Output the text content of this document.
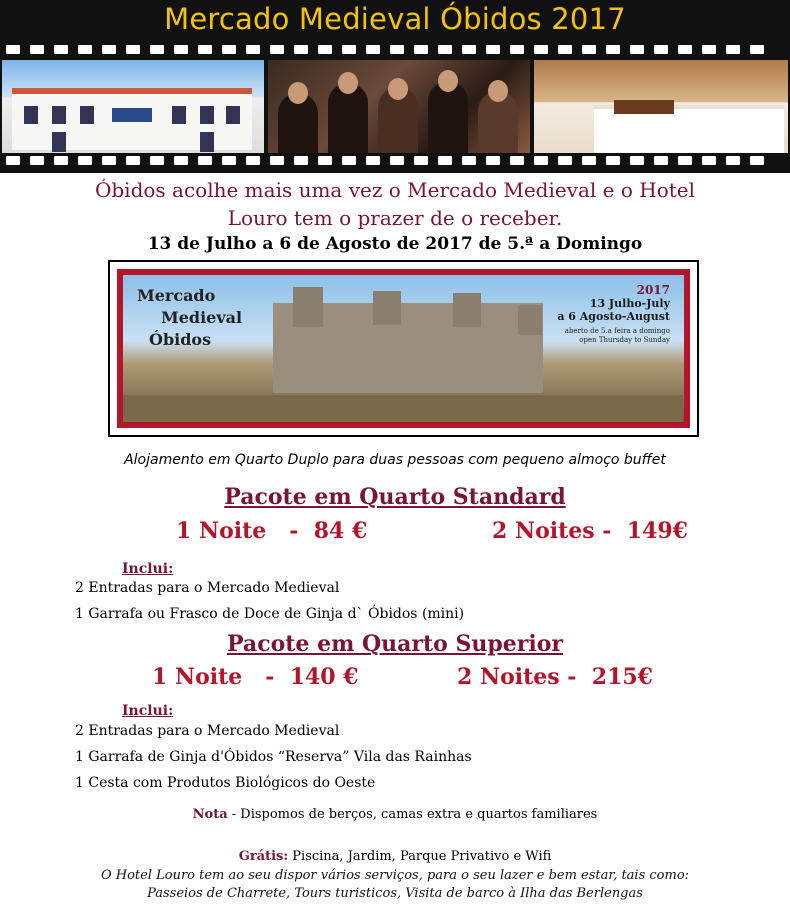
Mercado Medieval Óbidos 2017
Óbidos acolhe mais uma vez o Mercado Medieval e o Hotel
Louro tem o prazer de o receber.
13 de Julho a 6 de Agosto de 2017 de 5.ª a Domingo
Mercado
Medieval
Óbidos
2017
13 Julho-July
a 6 Agosto-August
aberto de 5.a feira a domingo
open Thursday to Sunday
Alojamento em Quarto Duplo para duas pessoas com pequeno almoço buffet
Pacote em Quarto Standard
1 Noite   -  84 €	2 Noites -  149€
Inclui:
2 Entradas para o Mercado Medieval
1 Garrafa ou Frasco de Doce de Ginja d` Óbidos (mini)
Pacote em Quarto Superior
1 Noite   -  140 €	2 Noites -  215€
Inclui:
2 Entradas para o Mercado Medieval
1 Garrafa de Ginja d'Óbidos “Reserva” Vila das Rainhas
1 Cesta com Produtos Biológicos do Oeste
Nota - Dispomos de berços, camas extra e quartos familiares
Grátis: Piscina, Jardim, Parque Privativo e Wifi
O Hotel Louro tem ao seu dispor vários serviços, para o seu lazer e bem estar, tais como:
Passeios de Charrete, Tours turisticos, Visita de barco à Ilha das Berlengas
